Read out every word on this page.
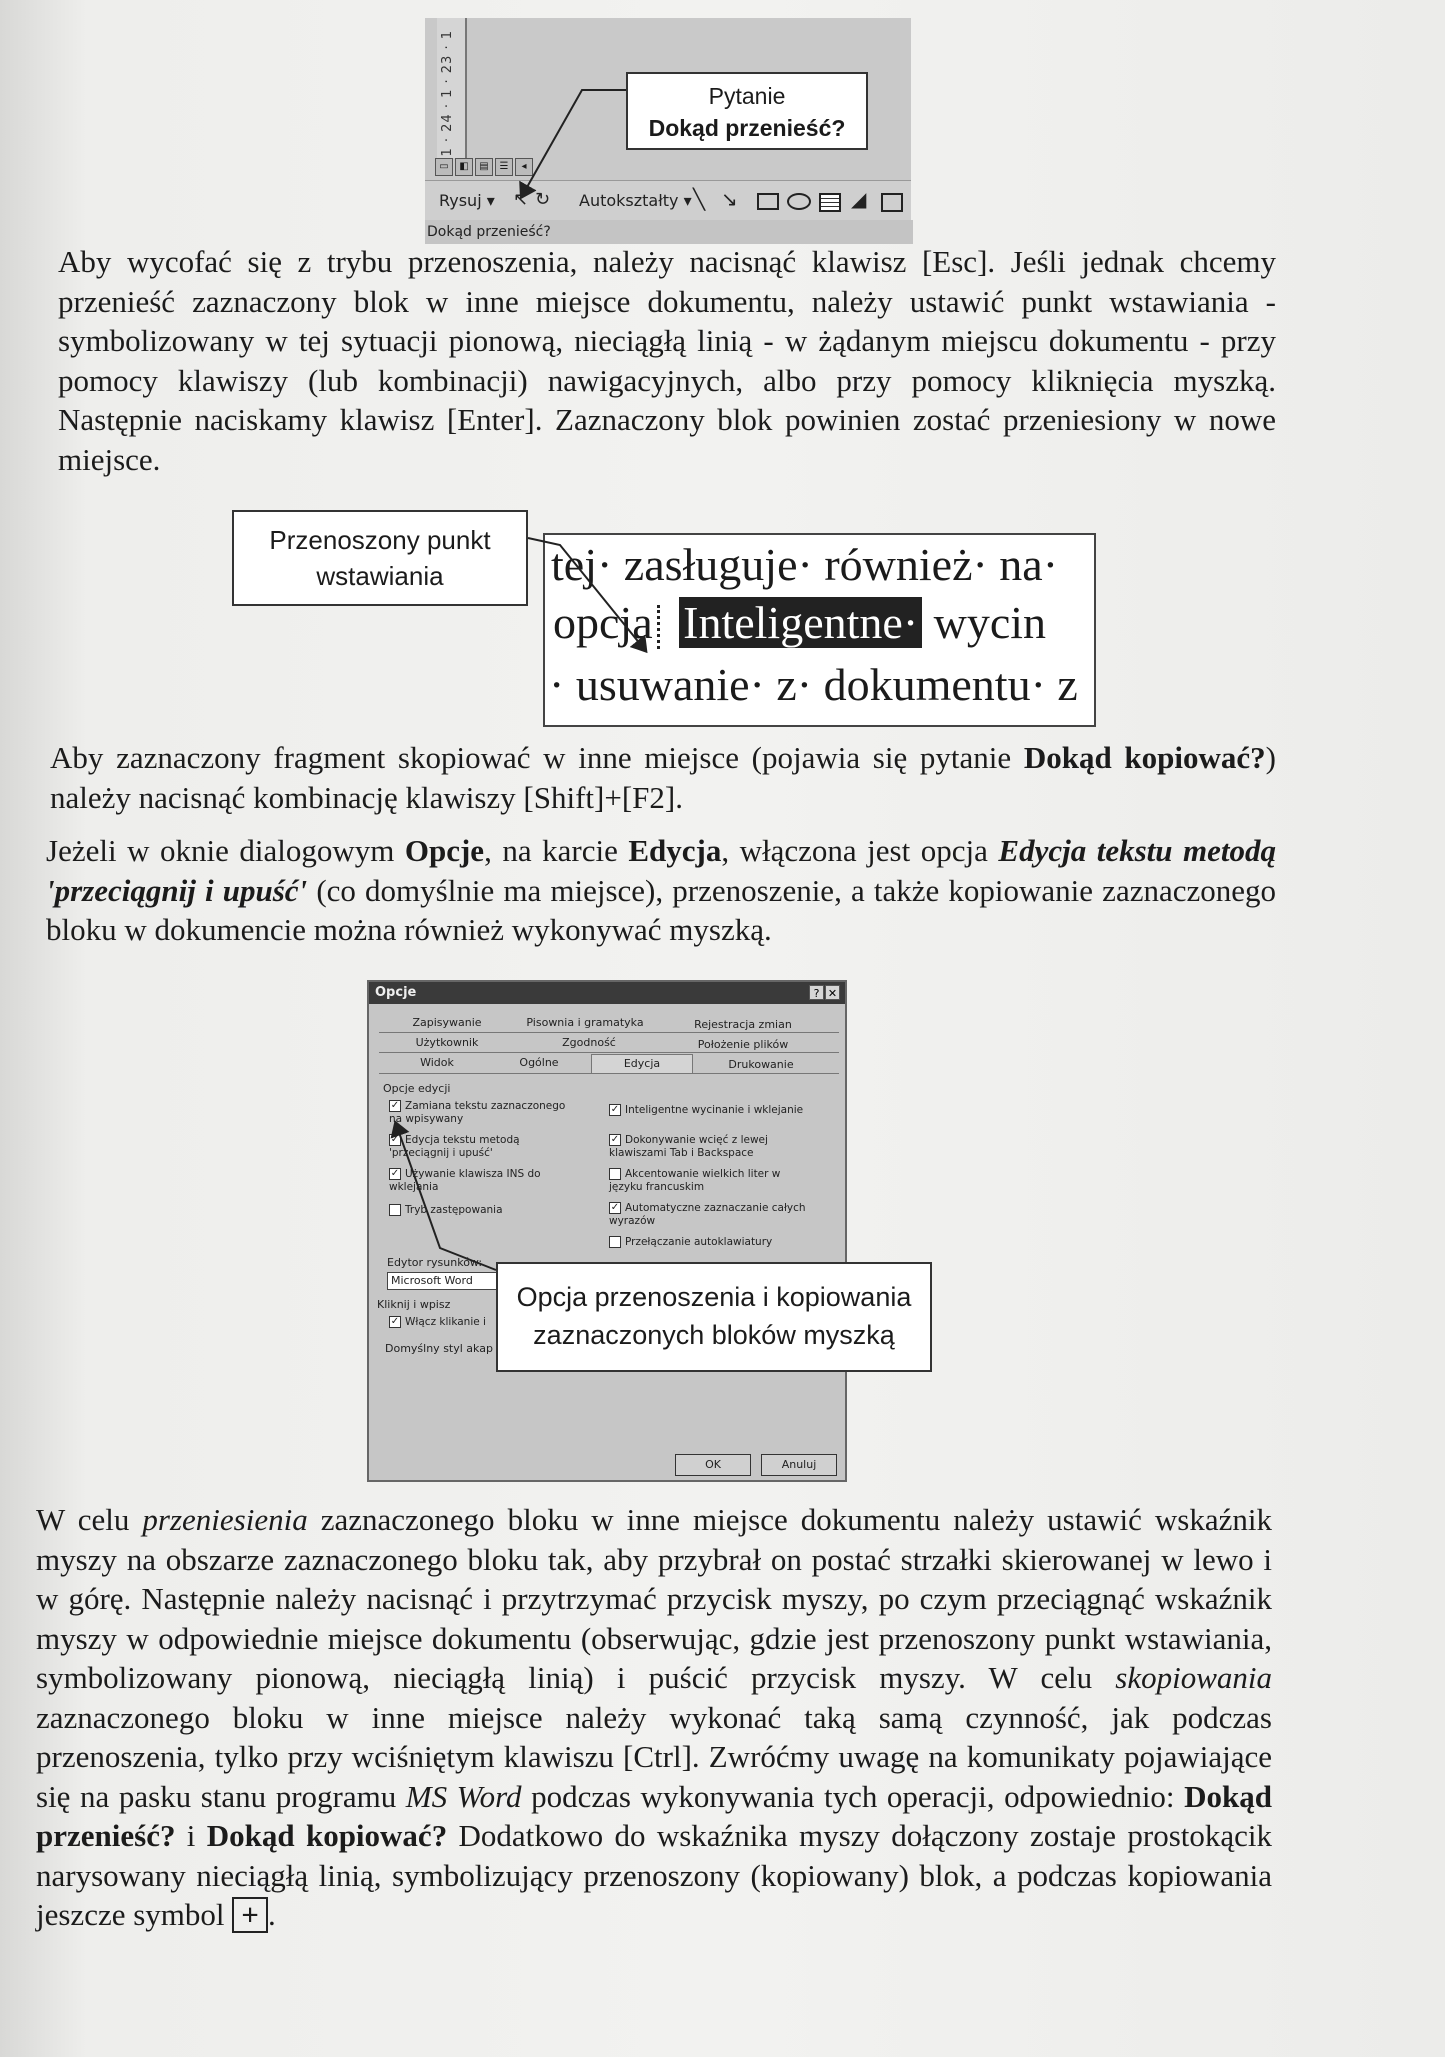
1 · 24 · 1 · 23 · 1
▭	◧	▤	☰	◂
Rysuj ▾ ↖ ↻ Autokształty ▾ ╲ ↘	◢
Dokąd przenieść?
Pytanie
Dokąd przenieść?
Aby wycofać się z trybu przenoszenia, należy nacisnąć klawisz [Esc]. Jeśli jednak chcemy przenieść zaznaczony blok w inne miejsce dokumentu, należy ustawić punkt wstawiania - symbolizowany w tej sytuacji pionową, nieciągłą linią - w żądanym miejscu dokumentu - przy pomocy klawiszy (lub kombinacji) nawigacyjnych, albo przy pomocy kliknięcia myszką. Następnie naciskamy klawisz [Enter]. Zaznaczony blok powinien zostać przeniesiony w nowe miejsce.
Przenoszony punkt
wstawiania	tej· zasługuje· również· na·
opcja Inteligentne· wycin
· usuwanie· z· dokumentu· z
Aby zaznaczony fragment skopiować w inne miejsce (pojawia się pytanie Dokąd kopiować?) należy nacisnąć kombinację klawiszy [Shift]+[F2].
Jeżeli w oknie dialogowym Opcje, na karcie Edycja, włączona jest opcja Edycja tekstu metodą 'przeciągnij i upuść' (co domyślnie ma miejsce), przenoszenie, a także kopiowanie zaznaczonego bloku w dokumencie można również wykonywać myszką.
Opcje	? ✕
Zapisywanie	Pisownia i gramatyka	Rejestracja zmian
Użytkownik	Zgodność	Położenie plików
Widok	Ogólne	Edycja	Drukowanie
Opcje edycji
✓ Zamiana tekstu zaznaczonego na wpisywany
✓ Edycja tekstu metodą 'przeciągnij i upuść'
✓ Używanie klawisza INS do wklejania
Tryb zastępowania
✓ Inteligentne wycinanie i wklejanie
✓ Dokonywanie wcięć z lewej klawiszami Tab i Backspace
Akcentowanie wielkich liter w języku francuskim
✓ Automatyczne zaznaczanie całych wyrazów
Przełączanie autoklawiatury
Edytor rysunków:
Microsoft Word
Kliknij i wpisz
✓ Włącz klikanie i
Domyślny styl akap
OK	Anuluj
Opcja przenoszenia i kopiowania
zaznaczonych bloków myszką
W celu przeniesienia zaznaczonego bloku w inne miejsce dokumentu należy ustawić wskaźnik myszy na obszarze zaznaczonego bloku tak, aby przybrał on postać strzałki skierowanej w lewo i w górę. Następnie należy nacisnąć i przytrzymać przycisk myszy, po czym przeciągnąć wskaźnik myszy w odpowiednie miejsce dokumentu (obserwując, gdzie jest przenoszony punkt wstawiania, symbolizowany pionową, nieciągłą linią) i puścić przycisk myszy. W celu skopiowania zaznaczonego bloku w inne miejsce należy wykonać taką samą czynność, jak podczas przenoszenia, tylko przy wciśniętym klawiszu [Ctrl]. Zwróćmy uwagę na komunikaty pojawiające się na pasku stanu programu MS Word podczas wykonywania tych operacji, odpowiednio: Dokąd przenieść? i Dokąd kopiować? Dodatkowo do wskaźnika myszy dołączony zostaje prostokącik narysowany nieciągłą linią, symbolizujący przenoszony (kopiowany) blok, a podczas kopiowania jeszcze symbol + .
